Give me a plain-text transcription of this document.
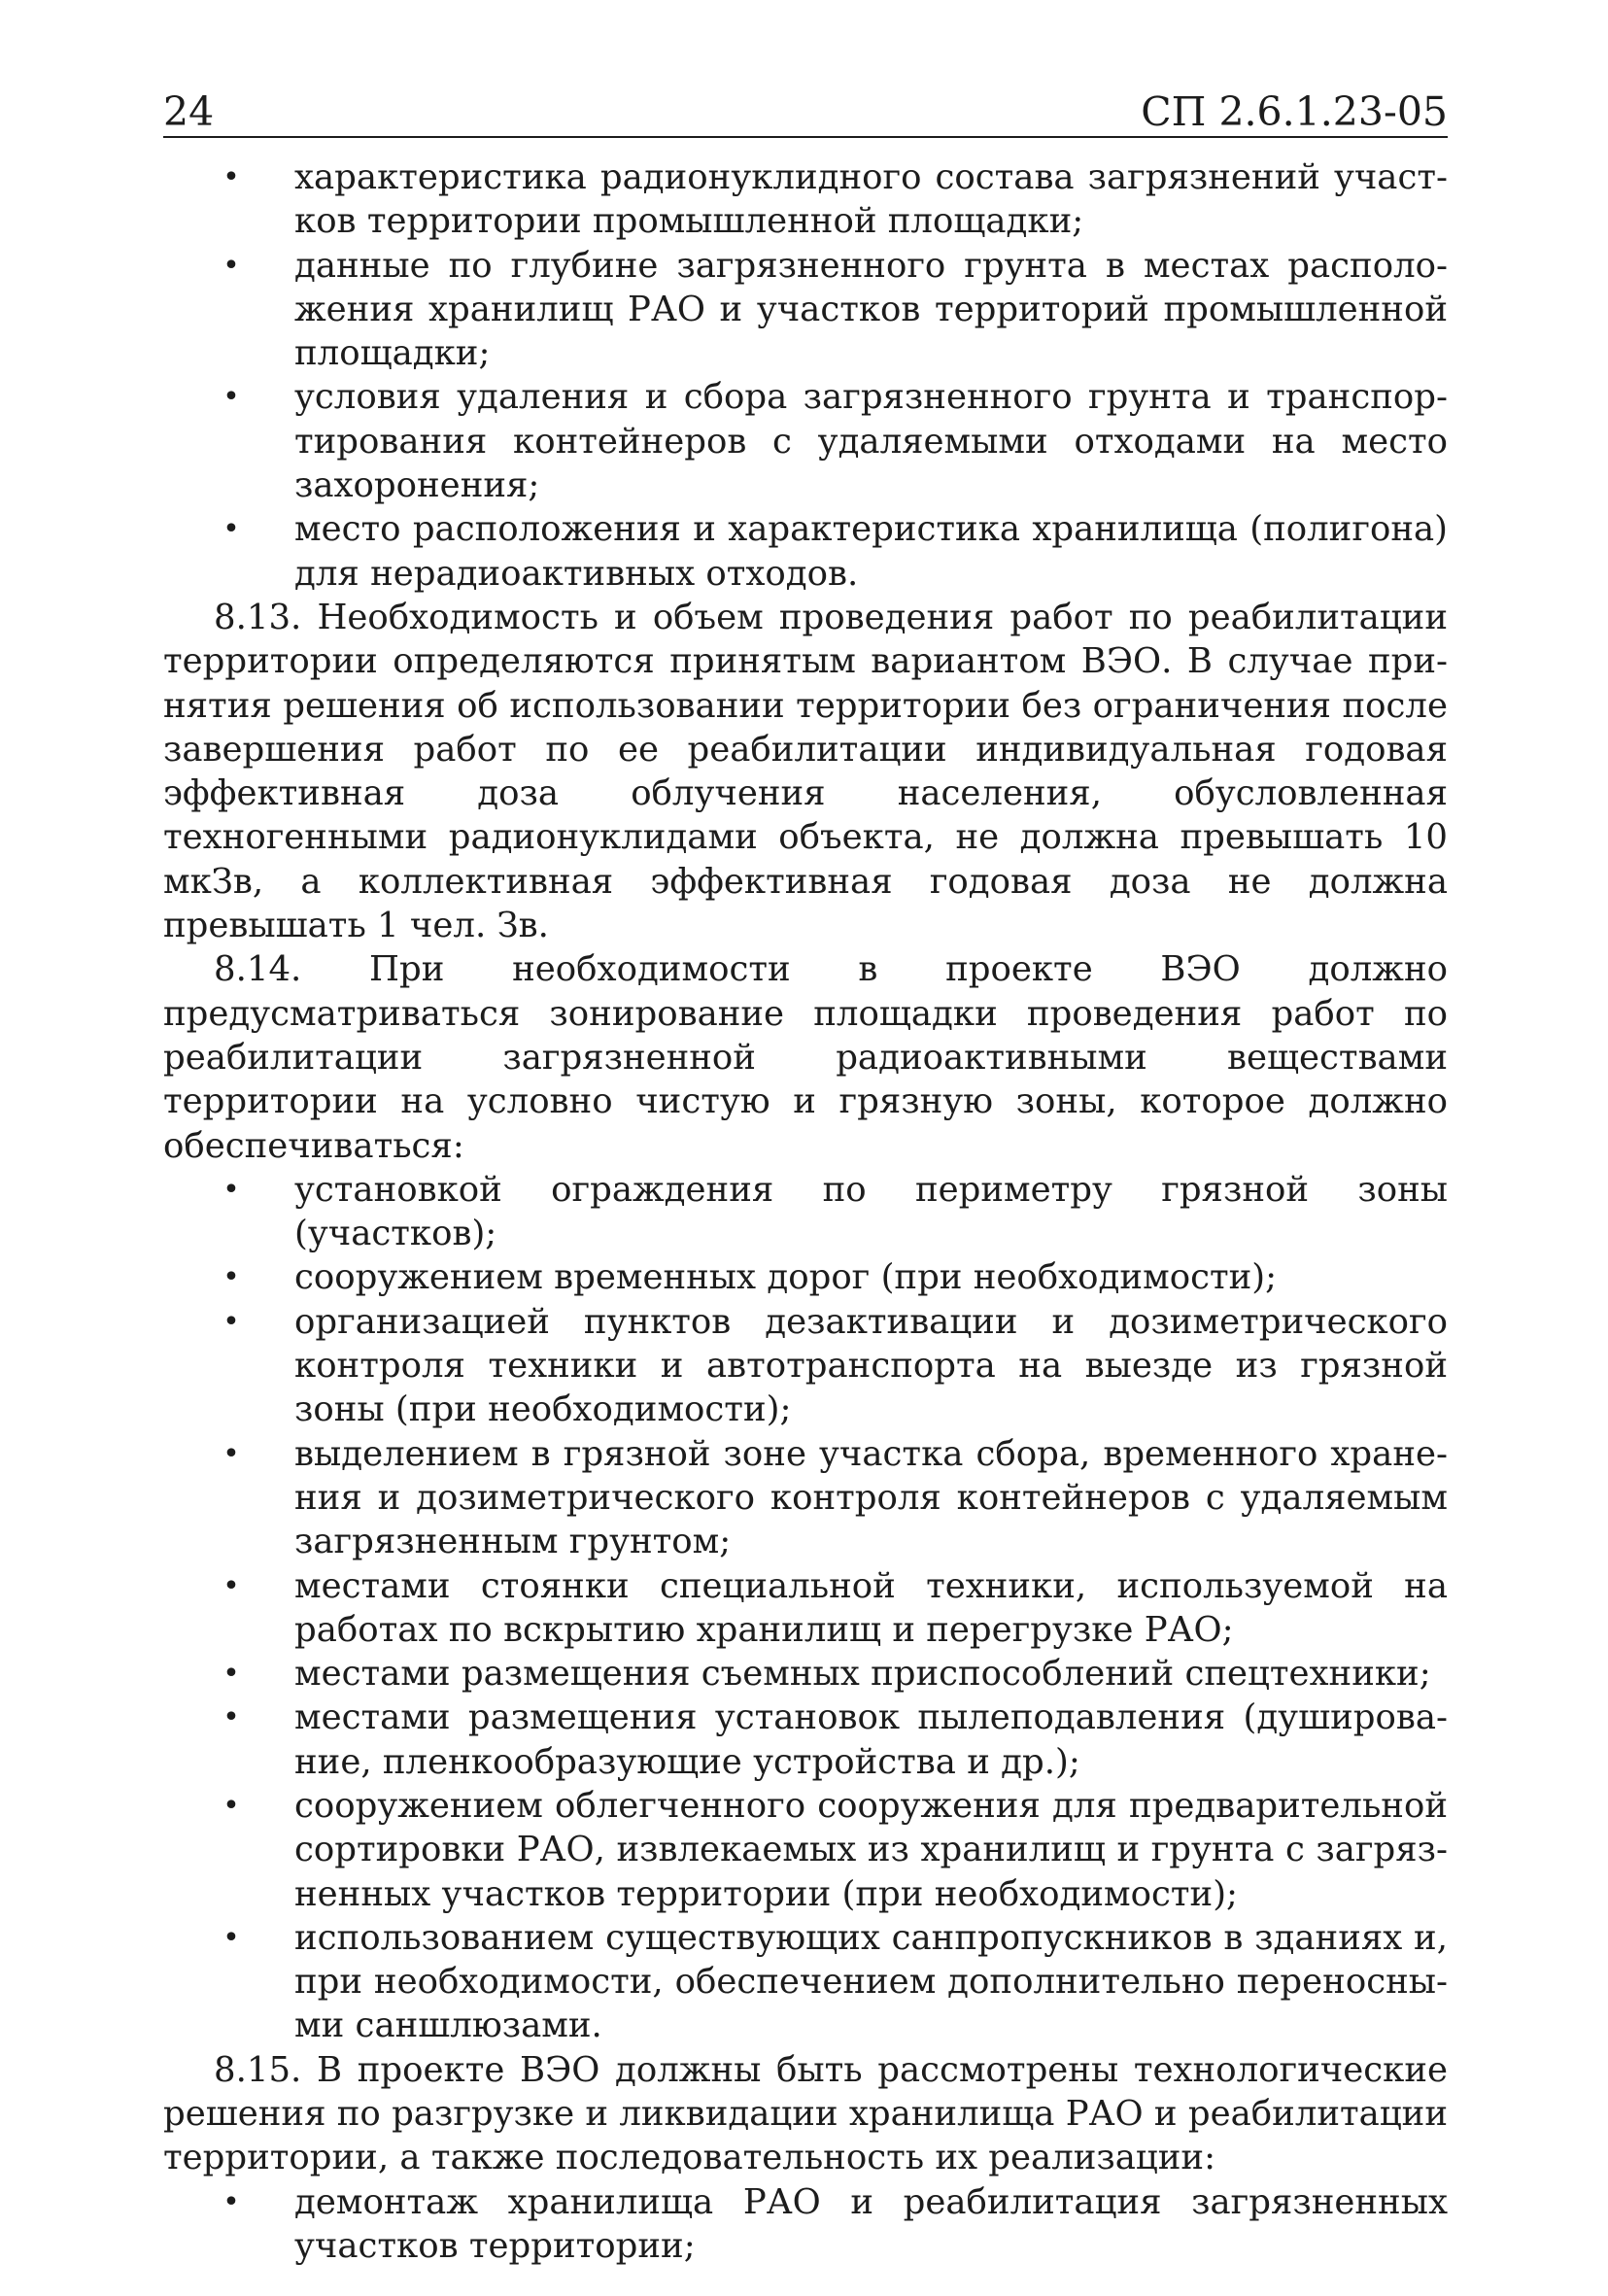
24	СП 2.6.1.23-05
• характеристика радионуклидного состава загрязнений участков территории промышленной площадки;
• данные по глубине загрязненного грунта в местах расположения хранилищ РАО и участков территорий промышленной площадки;
• условия удаления и сбора загрязненного грунта и транспортирования контейнеров с удаляемыми отходами на место захоронения;
• место расположения и характеристика хранилища (полигона) для нерадиоактивных отходов.

8.13. Необходимость и объем проведения работ по реабилитации территории определяются принятым вариантом ВЭО. В случае принятия решения об использовании территории без ограничения после завершения работ по ее реабилитации индивидуальная годовая эффективная доза облучения населения, обусловленная техногенными радионуклидами объекта, не должна превышать 10 мкЗв, а коллективная эффективная годовая доза не должна превышать 1 чел. Зв.

8.14. При необходимости в проекте ВЭО должно предусматриваться зонирование площадки проведения работ по реабилитации загрязненной радиоактивными веществами территории на условно чистую и грязную зоны, которое должно обеспечиваться:

• установкой ограждения по периметру грязной зоны (участков);
• сооружением временных дорог (при необходимости);
• организацией пунктов дезактивации и дозиметрического контроля техники и автотранспорта на выезде из грязной зоны (при необходимости);
• выделением в грязной зоне участка сбора, временного хранения и дозиметрического контроля контейнеров с удаляемым загрязненным грунтом;
• местами стоянки специальной техники, используемой на работах по вскрытию хранилищ и перегрузке РАО;
• местами размещения съемных приспособлений спецтехники;
• местами размещения установок пылеподавления (душирование, пленкообразующие устройства и др.);
• сооружением облегченного сооружения для предварительной сортировки РАО, извлекаемых из хранилищ и грунта с загрязненных участков территории (при необходимости);
• использованием существующих санпропускников в зданиях и, при необходимости, обеспечением дополнительно переносными саншлюзами.

8.15. В проекте ВЭО должны быть рассмотрены технологические решения по разгрузке и ликвидации хранилища РАО и реабилитации территории, а также последовательность их реализации:

• демонтаж хранилища РАО и реабилитация загрязненных участков территории;
